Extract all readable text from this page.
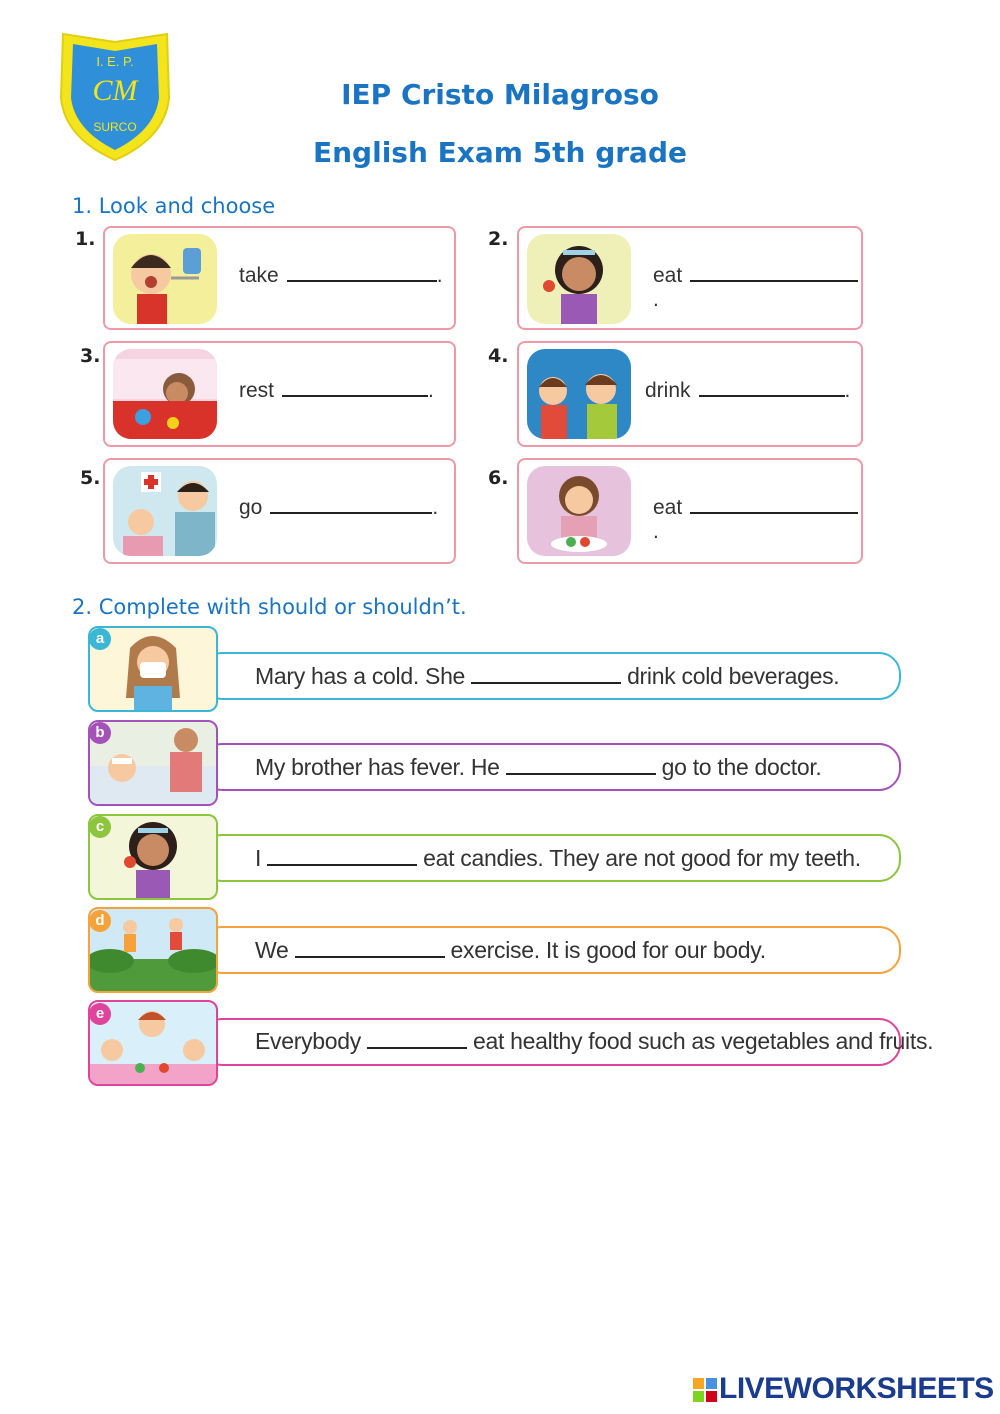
I. E. P.
CM
SURCO
IEP Cristo Milagroso
English Exam 5th grade
1. Look and choose
1.
take	.
2.
eat.
3.
rest	.
4.
drink	.
5.
go	.
6.
eat.
2. Complete with should or shouldn’t.
a
Mary has a cold. She	drink cold beverages.
b
My brother has fever. He	go to the doctor.
c
I	eat candies. They are not good for my teeth.
d
We	exercise. It is good for our body.
e
Everybody	eat healthy food such as vegetables and fruits.
LIVEWORKSHEETS
